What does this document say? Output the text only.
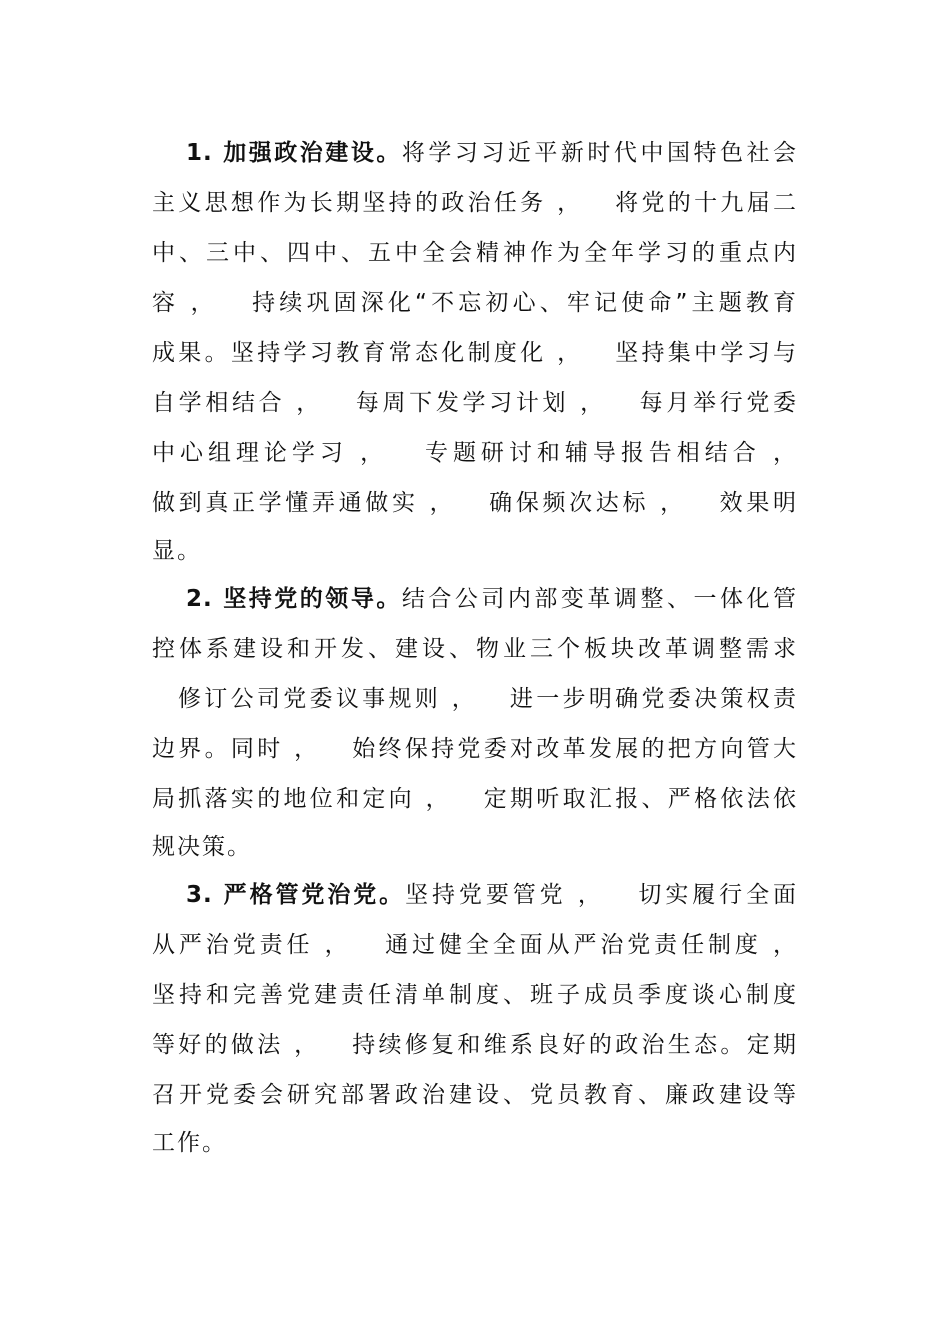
1. 加强政治建设。将学习习近平新时代中国特色社会
主义思想作为长期坚持的政治任务 ，   将党的十九届二
中、三中、四中、五中全会精神作为全年学习的重点内
容 ，   持续巩固深化“不忘初心、牢记使命”主题教育
成果。坚持学习教育常态化制度化 ，   坚持集中学习与
自学相结合 ，   每周下发学习计划 ，   每月举行党委
中心组理论学习 ，   专题研讨和辅导报告相结合 ，
做到真正学懂弄通做实 ，   确保频次达标 ，   效果明
显。
2. 坚持党的领导。结合公司内部变革调整、一体化管
控体系建设和开发、建设、物业三个板块改革调整需求
修订公司党委议事规则 ，   进一步明确党委决策权责
边界。同时 ，   始终保持党委对改革发展的把方向管大
局抓落实的地位和定向 ，   定期听取汇报、严格依法依
规决策。
3. 严格管党治党。坚持党要管党 ，   切实履行全面
从严治党责任 ，   通过健全全面从严治党责任制度 ，
坚持和完善党建责任清单制度、班子成员季度谈心制度
等好的做法 ，   持续修复和维系良好的政治生态。定期
召开党委会研究部署政治建设、党员教育、廉政建设等
工作。
